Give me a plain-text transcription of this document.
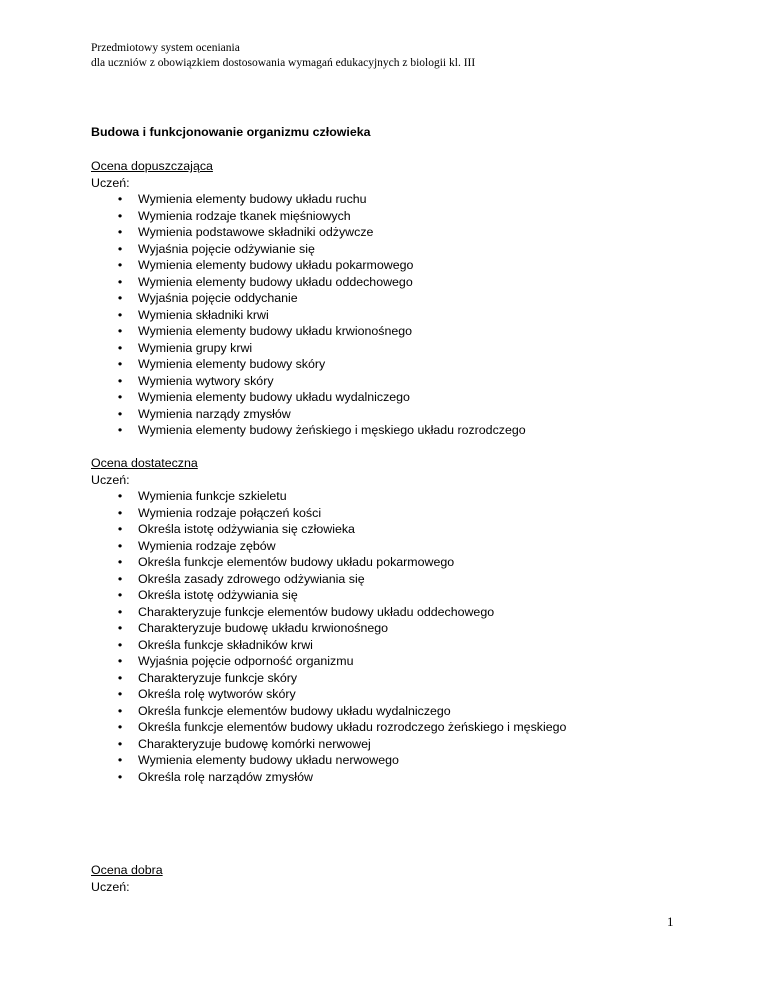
Przedmiotowy system oceniania
dla uczniów z obowiązkiem dostosowania wymagań edukacyjnych z biologii kl. III
Budowa i funkcjonowanie organizmu człowieka
Ocena dopuszczająca
Uczeń:
• Wymienia elementy budowy układu ruchu
• Wymienia rodzaje tkanek mięśniowych
• Wymienia podstawowe składniki odżywcze
• Wyjaśnia pojęcie odżywianie się
• Wymienia elementy budowy układu pokarmowego
• Wymienia elementy budowy układu oddechowego
• Wyjaśnia pojęcie oddychanie
• Wymienia składniki krwi
• Wymienia elementy budowy układu krwionośnego
• Wymienia grupy krwi
• Wymienia elementy budowy skóry
• Wymienia wytwory skóry
• Wymienia elementy budowy układu wydalniczego
• Wymienia narządy zmysłów
• Wymienia elementy budowy żeńskiego i męskiego układu rozrodczego
Ocena dostateczna
Uczeń:
• Wymienia funkcje szkieletu
• Wymienia rodzaje połączeń kości
• Określa istotę odżywiania się człowieka
• Wymienia rodzaje zębów
• Określa funkcje elementów budowy układu pokarmowego
• Określa zasady zdrowego odżywiania się
• Określa istotę odżywiania się
• Charakteryzuje funkcje elementów budowy układu oddechowego
• Charakteryzuje budowę układu krwionośnego
• Określa funkcje składników krwi
• Wyjaśnia pojęcie odporność organizmu
• Charakteryzuje funkcje skóry
• Określa rolę wytworów skóry
• Określa funkcje elementów budowy układu wydalniczego
• Określa funkcje elementów budowy układu rozrodczego żeńskiego i męskiego
• Charakteryzuje budowę komórki nerwowej
• Wymienia elementy budowy układu nerwowego
• Określa rolę narządów zmysłów
Ocena dobra
Uczeń:
1
